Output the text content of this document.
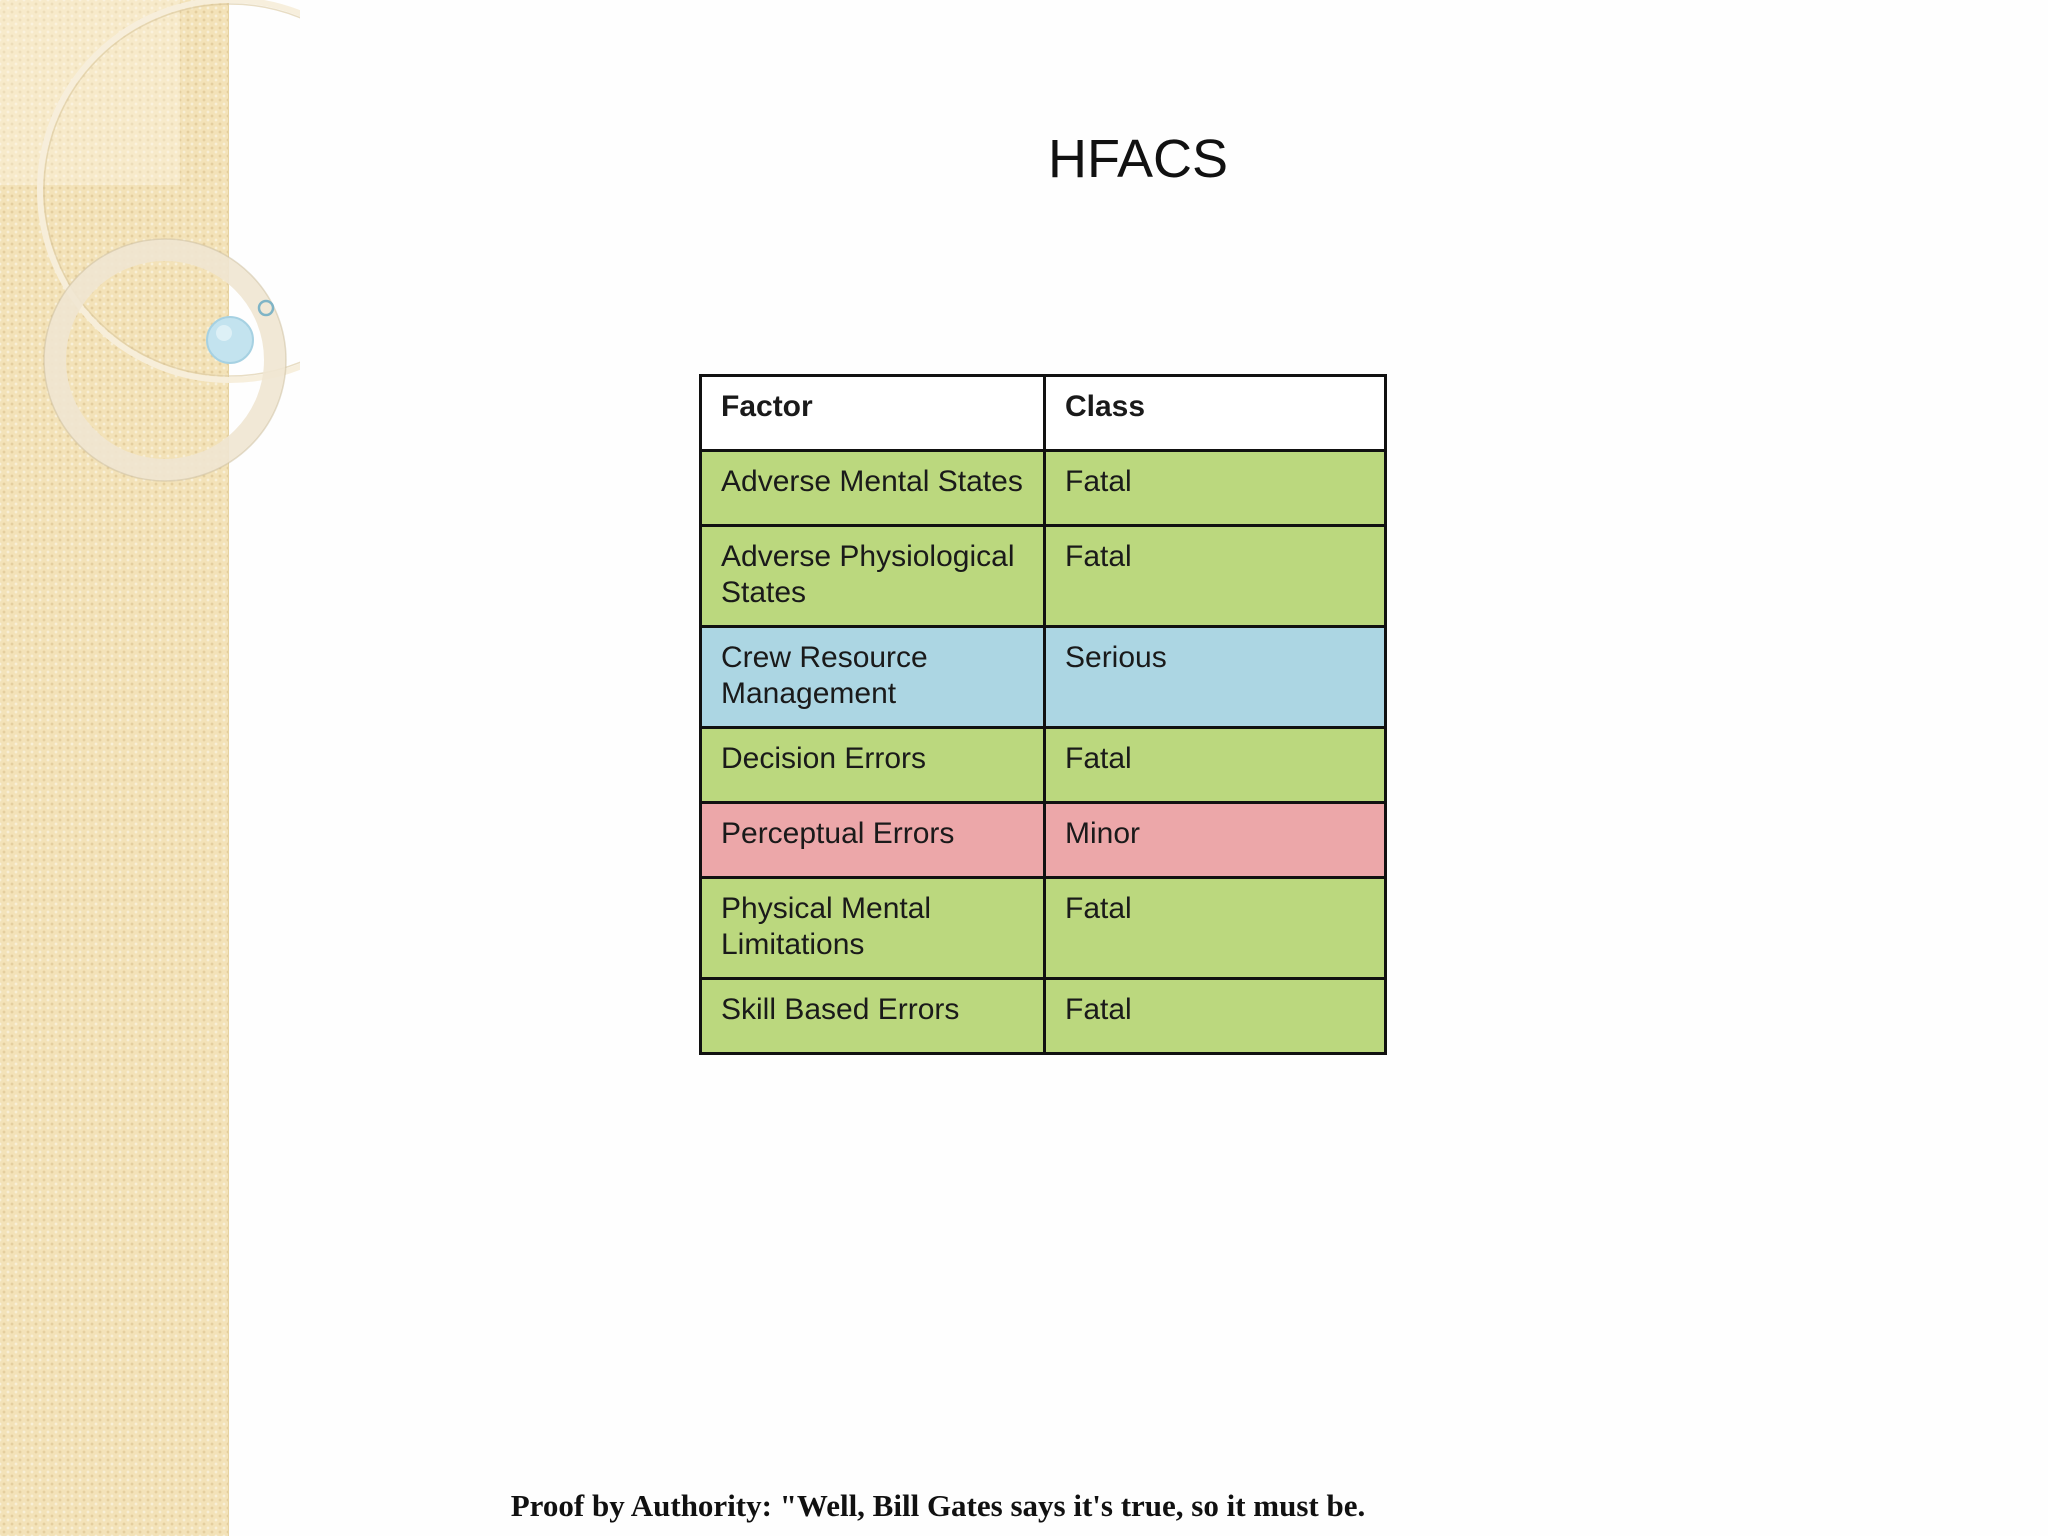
HFACS
Factor	Class
Adverse Mental States	Fatal
Adverse Physiological States	Fatal
Crew Resource Management	Serious
Decision Errors	Fatal
Perceptual Errors	Minor
Physical Mental Limitations	Fatal
Skill Based Errors	Fatal
Proof by Authority: "Well, Bill Gates says it's true, so it must be.
